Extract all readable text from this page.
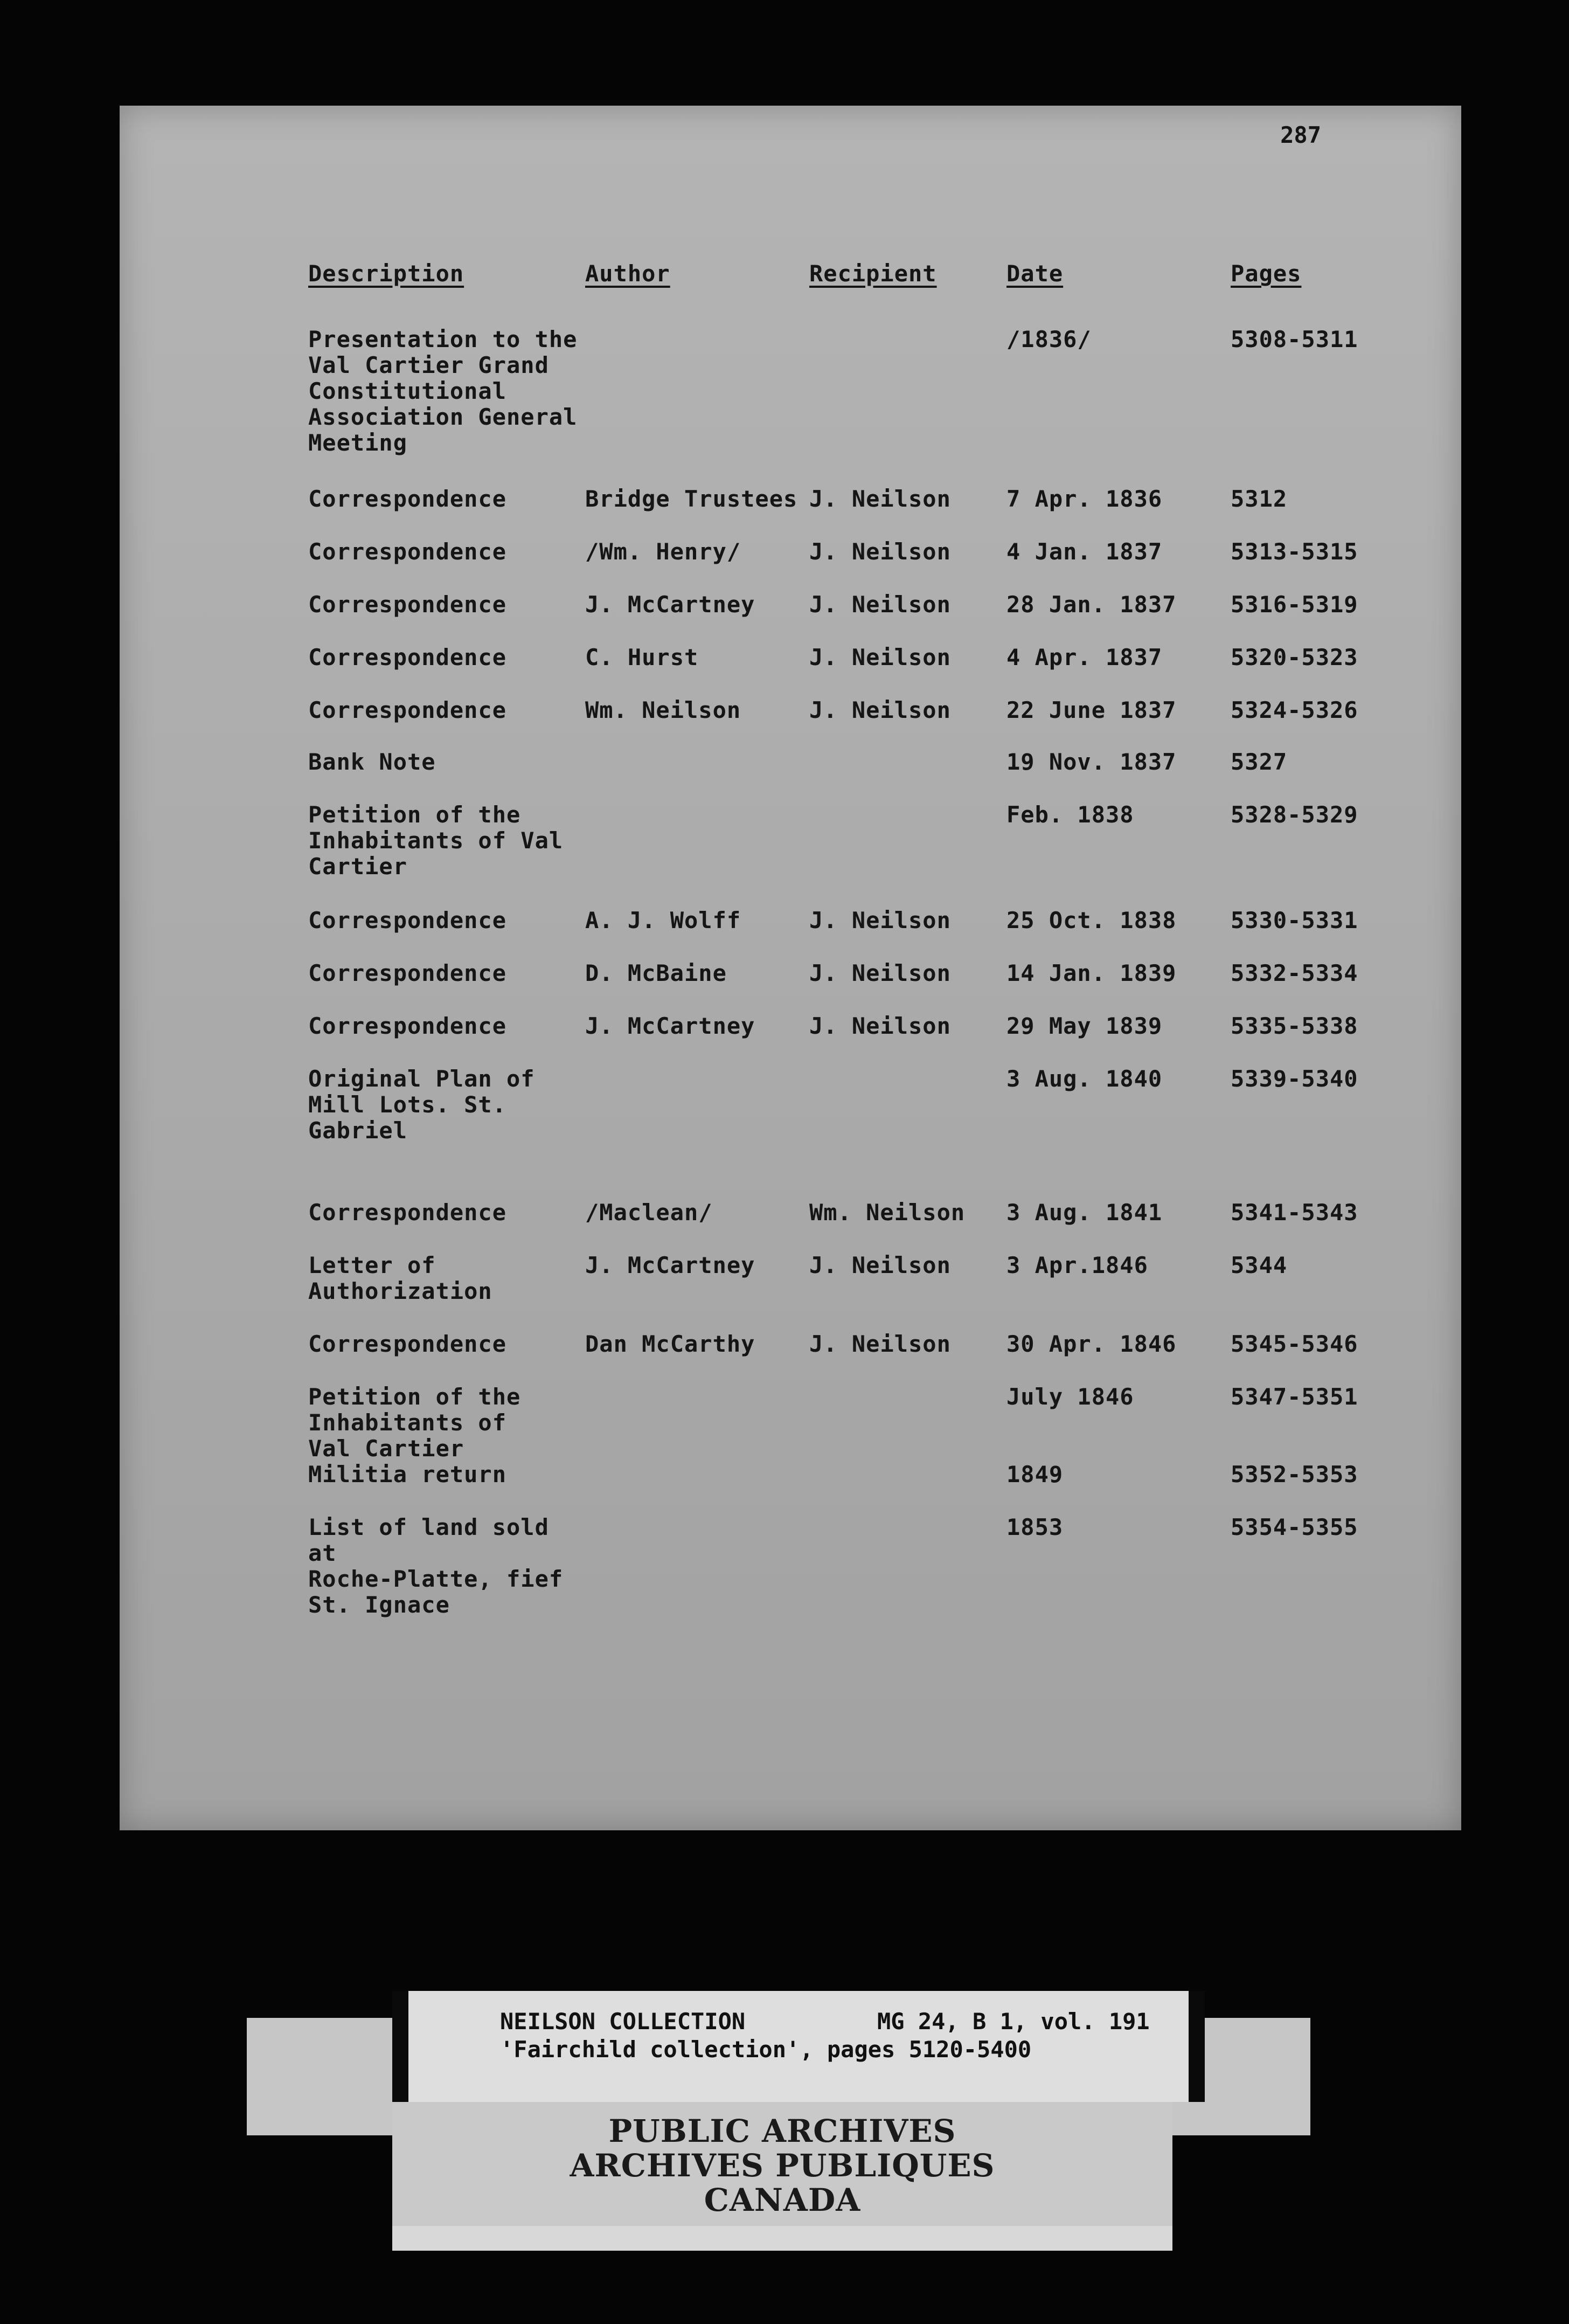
287
Description	Author	Recipient	Date	Pages
Presentation to the
Val Cartier Grand
Constitutional
Association General
Meeting
/1836/	5308-5311
Correspondence	Bridge Trustees J. Neilson	7 Apr. 1836	5312
Correspondence	/Wm. Henry/	J. Neilson	4 Jan. 1837	5313-5315
Correspondence	J. McCartney	J. Neilson	28 Jan. 1837	5316-5319
Correspondence	C. Hurst	J. Neilson	4 Apr. 1837	5320-5323
Correspondence	Wm. Neilson	J. Neilson	22 June 1837	5324-5326
Bank Note	19 Nov. 1837	5327
Petition of the
Inhabitants of Val
Cartier
Feb. 1838	5328-5329
Correspondence	A. J. Wolff	J. Neilson	25 Oct. 1838	5330-5331
Correspondence	D. McBaine	J. Neilson	14 Jan. 1839	5332-5334
Correspondence	J. McCartney	J. Neilson	29 May 1839	5335-5338
Original Plan of
Mill Lots. St.
Gabriel
3 Aug. 1840	5339-5340
Correspondence	/Maclean/	Wm. Neilson	3 Aug. 1841	5341-5343
Letter of
Authorization
J. McCartney	J. Neilson	3 Apr.1846	5344
Correspondence	Dan McCarthy	J. Neilson	30 Apr. 1846	5345-5346
Petition of the
Inhabitants of
Val Cartier
July 1846	5347-5351
Militia return	1849	5352-5353
List of land sold at
Roche-Platte, fief
St. Ignace
1853	5354-5355
NEILSON COLLECTION	MG 24, B 1, vol. 191
'Fairchild collection', pages 5120-5400
PUBLIC ARCHIVES
ARCHIVES PUBLIQUES
CANADA
